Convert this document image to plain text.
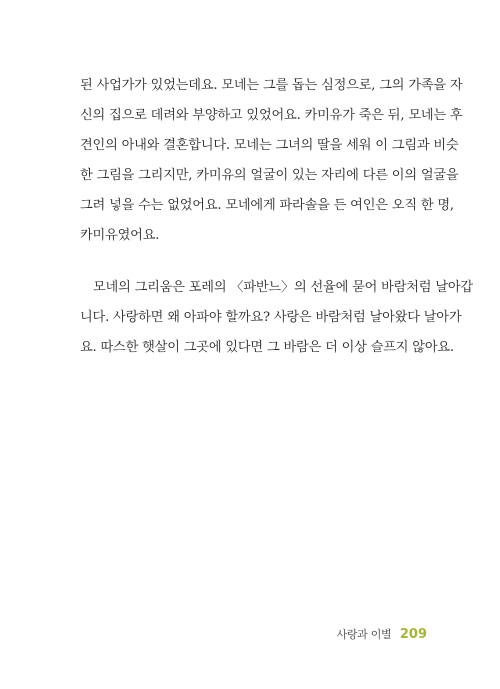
된 사업가가 있었는데요. 모네는 그를 돕는 심정으로, 그의 가족을 자
신의 집으로 데려와 부양하고 있었어요. 카미유가 죽은 뒤, 모네는 후
견인의 아내와 결혼합니다. 모네는 그녀의 딸을 세워 이 그림과 비슷
한 그림을 그리지만, 카미유의 얼굴이 있는 자리에 다른 이의 얼굴을
그려 넣을 수는 없었어요. 모네에게 파라솔을 든 여인은 오직 한 명,
카미유였어요.
모네의 그리움은 포레의 〈파반느〉의 선율에 묻어 바람처럼 날아갑
니다. 사랑하면 왜 아파야 할까요? 사랑은 바람처럼 날아왔다 날아가
요. 따스한 햇살이 그곳에 있다면 그 바람은 더 이상 슬프지 않아요.
사랑과 이별 209
